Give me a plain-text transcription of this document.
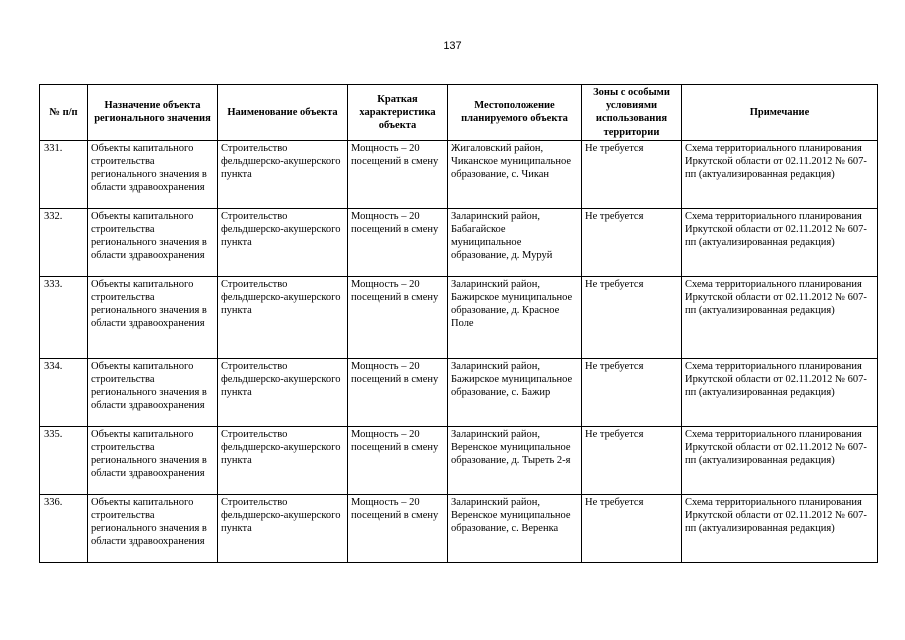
137
№ п/п	Назначение объекта регионального значения	Наименование объекта	Краткая характеристика объекта	Местоположение планируемого объекта	Зоны с особыми условиями использования территории	Примечание
331.	Объекты капитального строительства регионального значения в области здравоохранения	Строительство фельдшерско-акушерского пункта	Мощность – 20 посещений в смену	Жигаловский район, Чиканское муниципальное образование, с. Чикан	Не требуется	Схема территориального планирования Иркутской области от 02.11.2012 № 607-пп (актуализированная редакция)
332.	Объекты капитального строительства регионального значения в области здравоохранения	Строительство фельдшерско-акушерского пункта	Мощность – 20 посещений в смену	Заларинский район, Бабагайское муниципальное образование, д. Муруй	Не требуется	Схема территориального планирования Иркутской области от 02.11.2012 № 607-пп (актуализированная редакция)
333.	Объекты капитального строительства регионального значения в области здравоохранения	Строительство фельдшерско-акушерского пункта	Мощность – 20 посещений в смену	Заларинский район, Бажирское муниципальное образование, д. Красное Поле	Не требуется	Схема территориального планирования Иркутской области от 02.11.2012 № 607-пп (актуализированная редакция)
334.	Объекты капитального строительства регионального значения в области здравоохранения	Строительство фельдшерско-акушерского пункта	Мощность – 20 посещений в смену	Заларинский район, Бажирское муниципальное образование, с. Бажир	Не требуется	Схема территориального планирования Иркутской области от 02.11.2012 № 607-пп (актуализированная редакция)
335.	Объекты капитального строительства регионального значения в области здравоохранения	Строительство фельдшерско-акушерского пункта	Мощность – 20 посещений в смену	Заларинский район, Веренское муниципальное образование, д. Тыреть 2-я	Не требуется	Схема территориального планирования Иркутской области от 02.11.2012 № 607-пп (актуализированная редакция)
336.	Объекты капитального строительства регионального значения в области здравоохранения	Строительство фельдшерско-акушерского пункта	Мощность – 20 посещений в смену	Заларинский район, Веренское муниципальное образование, с. Веренка	Не требуется	Схема территориального планирования Иркутской области от 02.11.2012 № 607-пп (актуализированная редакция)
